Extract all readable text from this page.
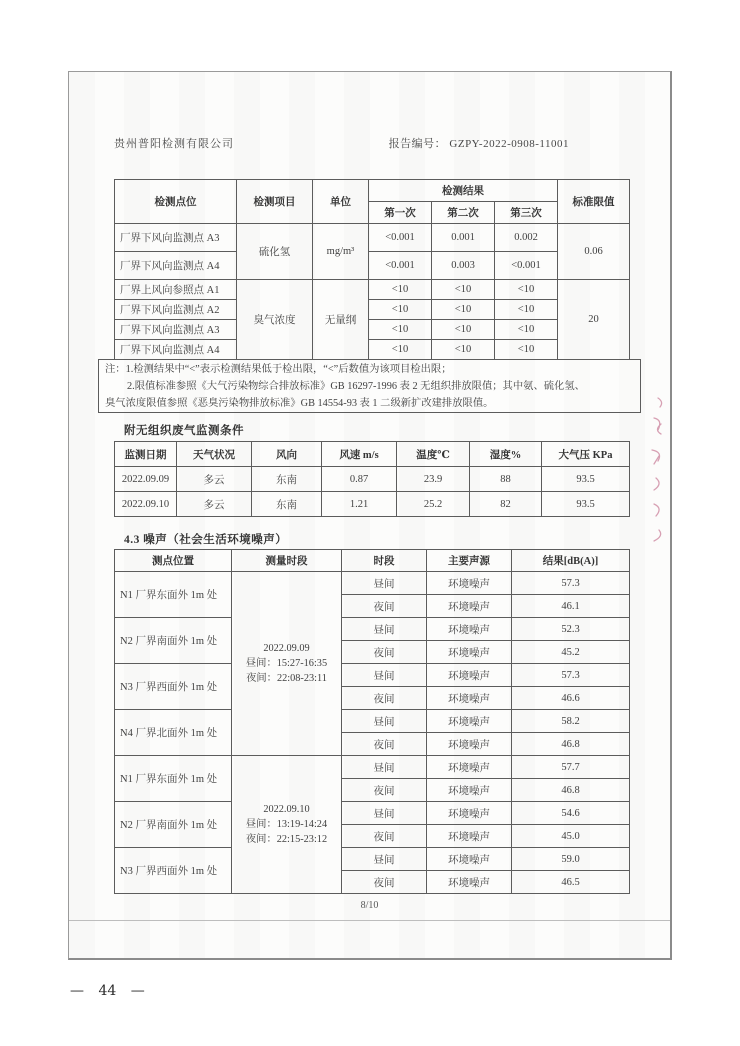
贵州普阳检测有限公司	报告编号： GZPY-2022-0908-11001
检测点位	检测项目	单位	检测结果			标准限值
			第一次	第二次	第三次	
厂界下风向监测点 A3	硫化氢	mg/m³	<0.001	0.001	0.002	0.06
厂界下风向监测点 A4			<0.001	0.003	<0.001	
厂界上风向参照点 A1	臭气浓度	无量纲	<10	<10	<10	20
厂界下风向监测点 A2			<10	<10	<10	
厂界下风向监测点 A3			<10	<10	<10	
厂界下风向监测点 A4			<10	<10	<10	
注：1.检测结果中“<”表示检测结果低于检出限，“<”后数值为该项目检出限；
2.限值标准参照《大气污染物综合排放标准》GB 16297-1996 表 2 无组织排放限值；其中氨、硫化氢、
臭气浓度限值参照《恶臭污染物排放标准》GB 14554-93 表 1 二级新扩改建排放限值。
附无组织废气监测条件
监测日期	天气状况	风向	风速 m/s	温度℃	湿度%	大气压 KPa
2022.09.09	多云	东南	0.87	23.9	88	93.5
2022.09.10	多云	东南	1.21	25.2	82	93.5
4.3 噪声（社会生活环境噪声）
测点位置	测量时段	时段	主要声源	结果[dB(A)]
N1 厂界东面外 1m 处	2022.09.09
昼间：15:27-16:35
夜间：22:08-23:11	昼间	环境噪声	57.3
		夜间	环境噪声	46.1
N2 厂界南面外 1m 处		昼间	环境噪声	52.3
		夜间	环境噪声	45.2
N3 厂界西面外 1m 处		昼间	环境噪声	57.3
		夜间	环境噪声	46.6
N4 厂界北面外 1m 处		昼间	环境噪声	58.2
		夜间	环境噪声	46.8
N1 厂界东面外 1m 处	2022.09.10
昼间：13:19-14:24
夜间：22:15-23:12	昼间	环境噪声	57.7
		夜间	环境噪声	46.8
N2 厂界南面外 1m 处		昼间	环境噪声	54.6
		夜间	环境噪声	45.0
N3 厂界西面外 1m 处		昼间	环境噪声	59.0
		夜间	环境噪声	46.5
8/10
— 44 —
